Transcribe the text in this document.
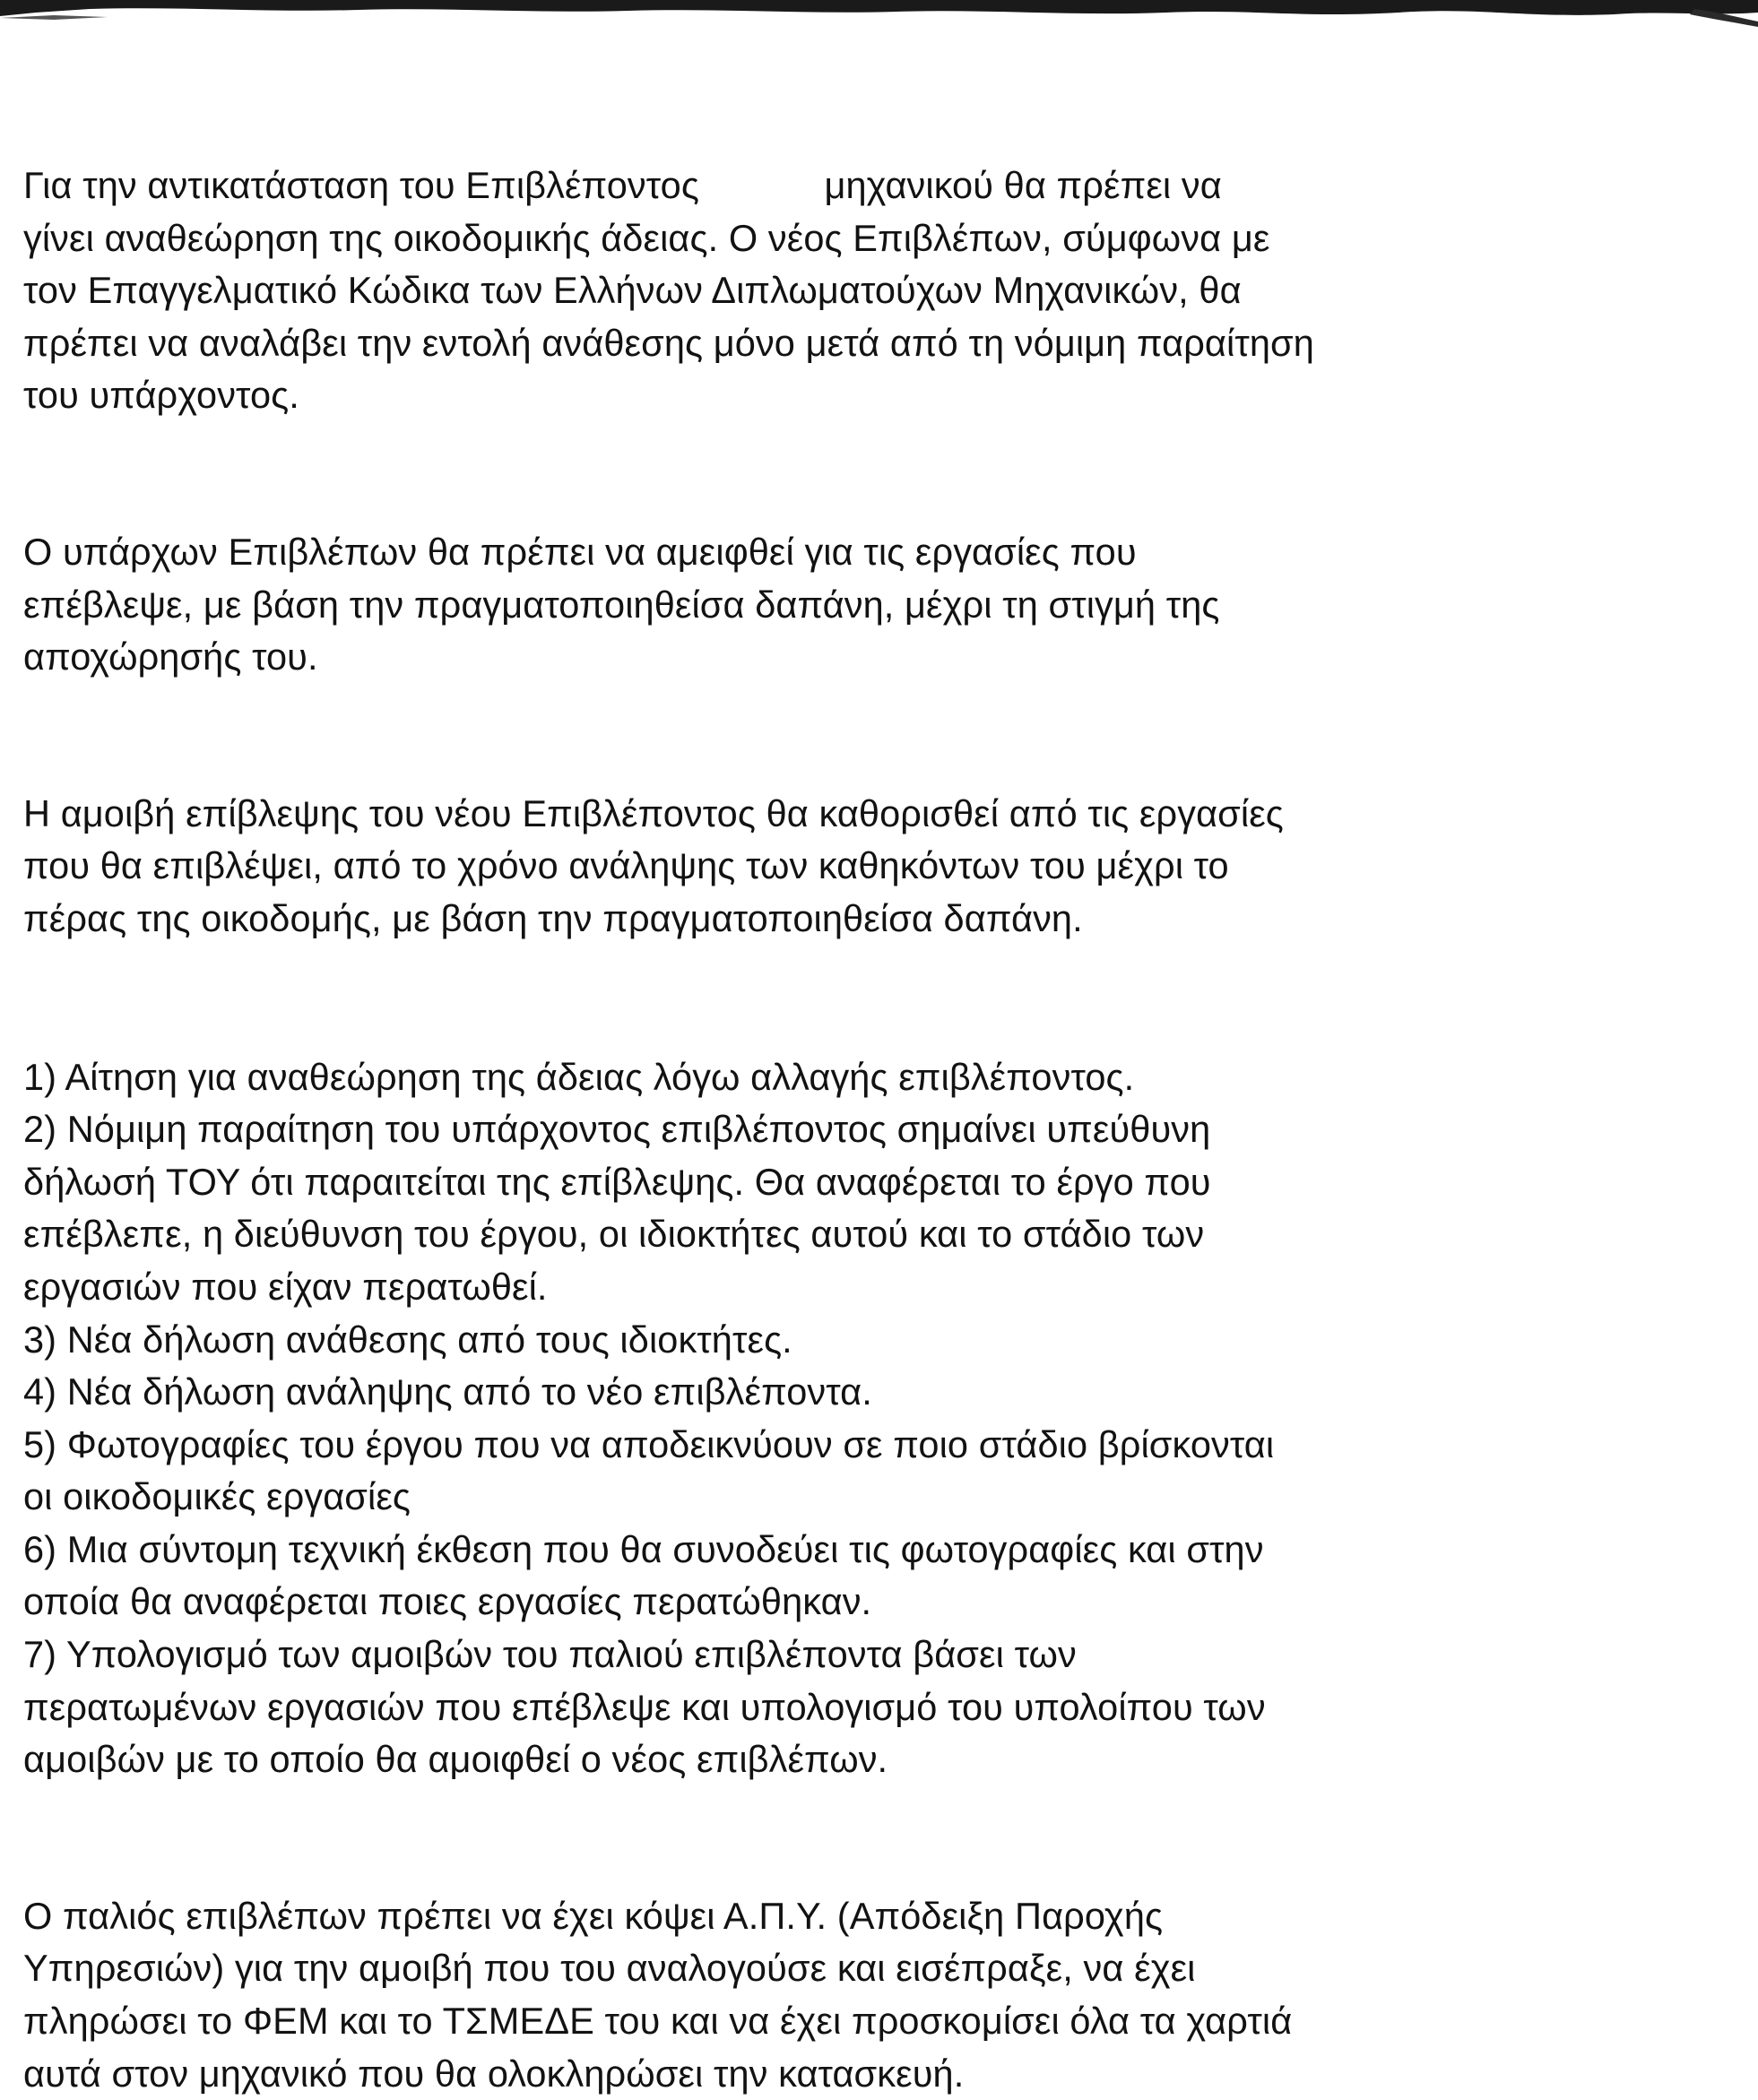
Για την αντικατάσταση του Επιβλέποντος            μηχανικού θα πρέπει να
γίνει αναθεώρηση της οικοδομικής άδειας. Ο νέος Επιβλέπων, σύμφωνα με
τον Επαγγελματικό Κώδικα των Ελλήνων Διπλωματούχων Μηχανικών, θα
πρέπει να αναλάβει την εντολή ανάθεσης μόνο μετά από τη νόμιμη παραίτηση
του υπάρχοντος.
Ο υπάρχων Επιβλέπων θα πρέπει να αμειφθεί για τις εργασίες που
επέβλεψε, με βάση την πραγματοποιηθείσα δαπάνη, μέχρι τη στιγμή της
αποχώρησής του.
Η αμοιβή επίβλεψης του νέου Επιβλέποντος θα καθορισθεί από τις εργασίες
που θα επιβλέψει, από το χρόνο ανάληψης των καθηκόντων του μέχρι το
πέρας της οικοδομής, με βάση την πραγματοποιηθείσα δαπάνη.
1) Αίτηση για αναθεώρηση της άδειας λόγω αλλαγής επιβλέποντος.
2) Νόμιμη παραίτηση του υπάρχοντος επιβλέποντος σημαίνει υπεύθυνη
δήλωσή ΤΟΥ ότι παραιτείται της επίβλεψης. Θα αναφέρεται το έργο που
επέβλεπε, η διεύθυνση του έργου, οι ιδιοκτήτες αυτού και το στάδιο των
εργασιών που είχαν περατωθεί.
3) Νέα δήλωση ανάθεσης από τους ιδιοκτήτες.
4) Νέα δήλωση ανάληψης από το νέο επιβλέποντα.
5) Φωτογραφίες του έργου που να αποδεικνύουν σε ποιο στάδιο βρίσκονται
οι οικοδομικές εργασίες
6) Μια σύντομη τεχνική έκθεση που θα συνοδεύει τις φωτογραφίες και στην
οποία θα αναφέρεται ποιες εργασίες περατώθηκαν.
7) Υπολογισμό των αμοιβών του παλιού επιβλέποντα βάσει των
περατωμένων εργασιών που επέβλεψε και υπολογισμό του υπολοίπου των
αμοιβών με το οποίο θα αμοιφθεί ο νέος επιβλέπων.
Ο παλιός επιβλέπων πρέπει να έχει κόψει Α.Π.Υ. (Απόδειξη Παροχής
Υπηρεσιών) για την αμοιβή που του αναλογούσε και εισέπραξε, να έχει
πληρώσει το ΦΕΜ και το ΤΣΜΕΔΕ του και να έχει προσκομίσει όλα τα χαρτιά
αυτά στον μηχανικό που θα ολοκληρώσει την κατασκευή.
